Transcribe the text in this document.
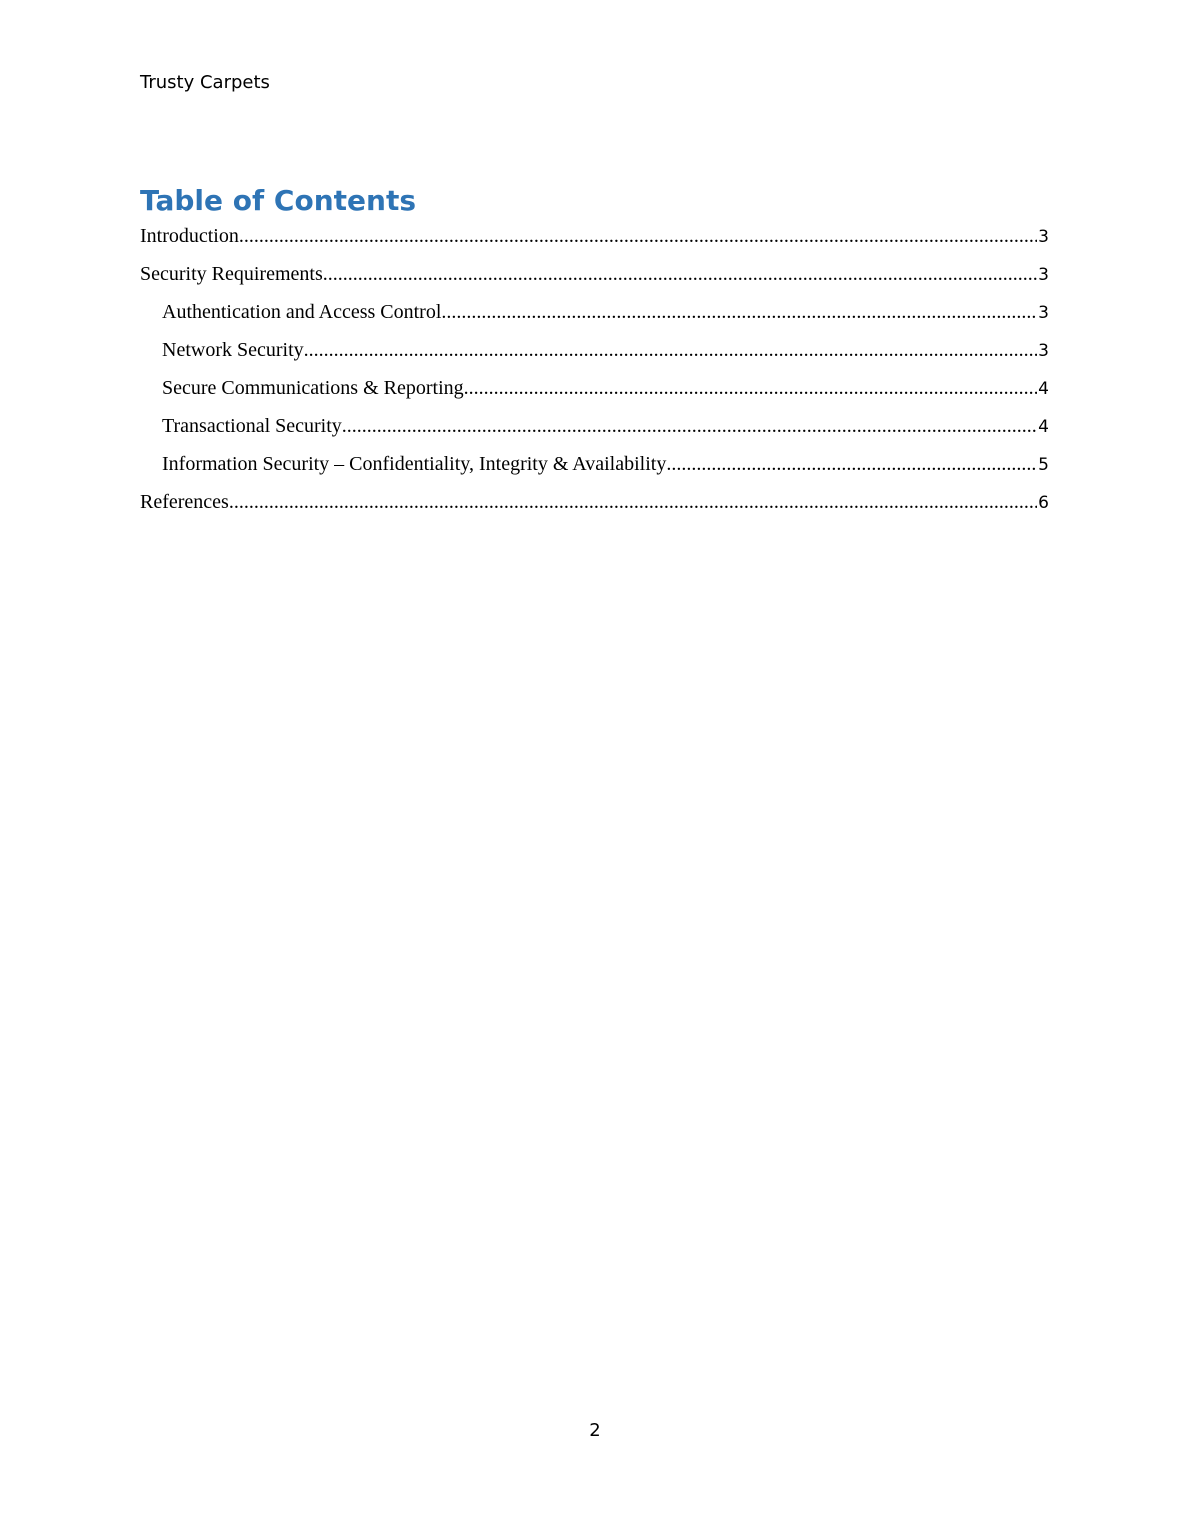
Trusty Carpets
Table of Contents
Introduction .....	3
Security Requirements .....	3
Authentication and Access Control .....	3
Network Security .....	3
Secure Communications & Reporting .....	4
Transactional Security .....	4
Information Security – Confidentiality, Integrity & Availability .....	5
References .....	6
2
